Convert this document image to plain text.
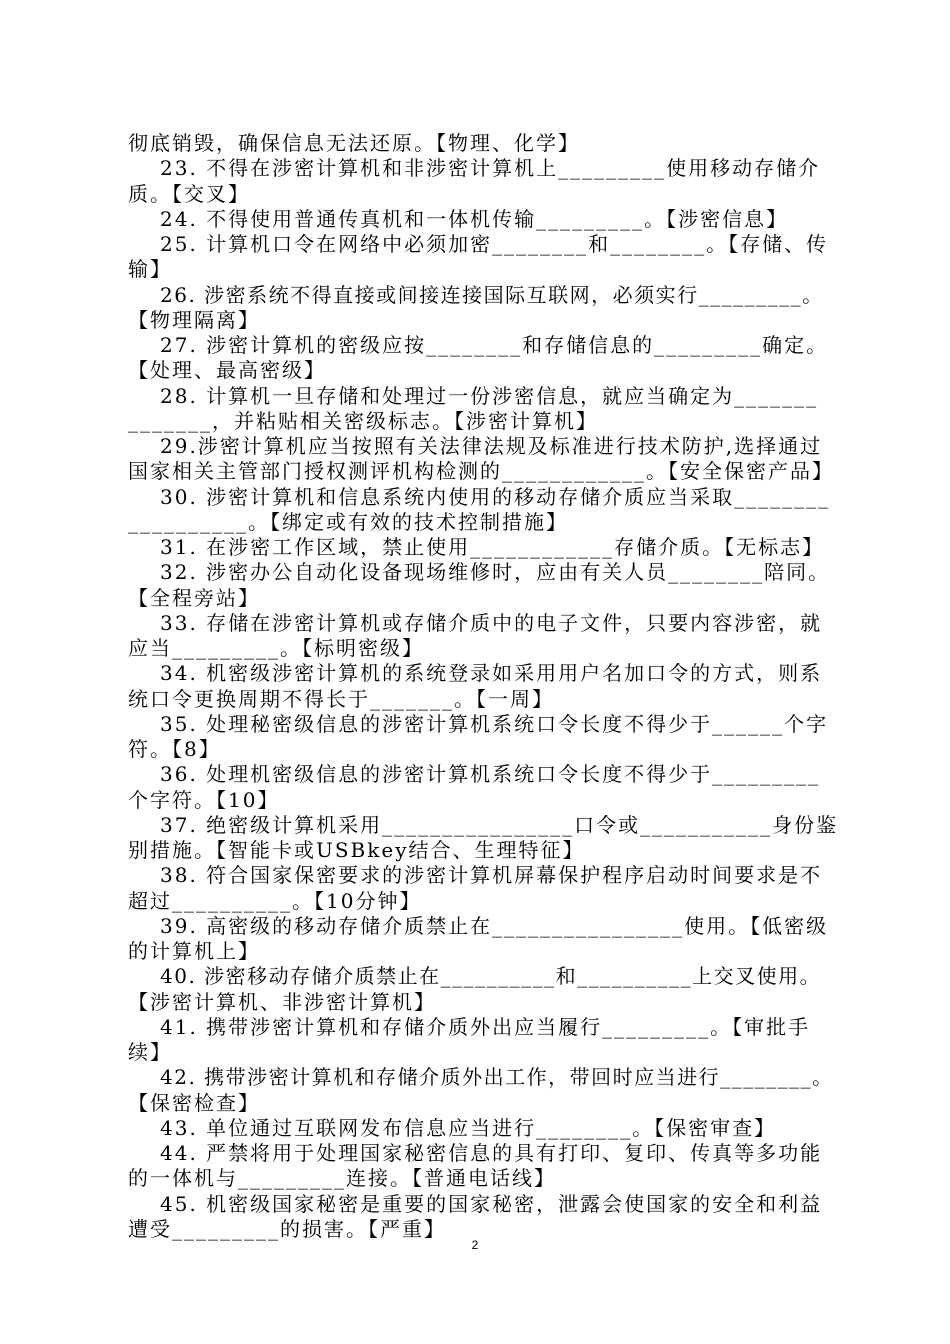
彻底销毁，确保信息无法还原。【物理、化学】
23. 不得在涉密计算机和非涉密计算机上_________使用移动存储介
质。【交叉】
24. 不得使用普通传真机和一体机传输_________。【涉密信息】
25. 计算机口令在网络中必须加密________和________。【存储、传
输】
26. 涉密系统不得直接或间接连接国际互联网，必须实行_________。
【物理隔离】
27. 涉密计算机的密级应按________和存储信息的_________确定。
【处理、最高密级】
28. 计算机一旦存储和处理过一份涉密信息，就应当确定为_______
_______，并粘贴相关密级标志。【涉密计算机】
29.涉密计算机应当按照有关法律法规及标准进行技术防护,选择通过
国家相关主管部门授权测评机构检测的____________。【安全保密产品】
30. 涉密计算机和信息系统内使用的移动存储介质应当采取________
__________。【绑定或有效的技术控制措施】
31. 在涉密工作区域，禁止使用____________存储介质。【无标志】
32. 涉密办公自动化设备现场维修时，应由有关人员________陪同。
【全程旁站】
33. 存储在涉密计算机或存储介质中的电子文件，只要内容涉密，就
应当_________。【标明密级】
34. 机密级涉密计算机的系统登录如采用用户名加口令的方式，则系
统口令更换周期不得长于_______。【一周】
35. 处理秘密级信息的涉密计算机系统口令长度不得少于______个字
符。【8】
36. 处理机密级信息的涉密计算机系统口令长度不得少于_________
个字符。【10】
37. 绝密级计算机采用________________口令或___________身份鉴
别措施。【智能卡或USBkey结合、生理特征】
38. 符合国家保密要求的涉密计算机屏幕保护程序启动时间要求是不
超过__________。【10分钟】
39. 高密级的移动存储介质禁止在________________使用。【低密级
的计算机上】
40. 涉密移动存储介质禁止在__________和__________上交叉使用。
【涉密计算机、非涉密计算机】
41. 携带涉密计算机和存储介质外出应当履行_________。【审批手
续】
42. 携带涉密计算机和存储介质外出工作，带回时应当进行________。
【保密检查】
43. 单位通过互联网发布信息应当进行________。【保密审查】
44. 严禁将用于处理国家秘密信息的具有打印、复印、传真等多功能
的一体机与_________连接。【普通电话线】
45. 机密级国家秘密是重要的国家秘密，泄露会使国家的安全和利益
遭受_________的损害。【严重】
2
